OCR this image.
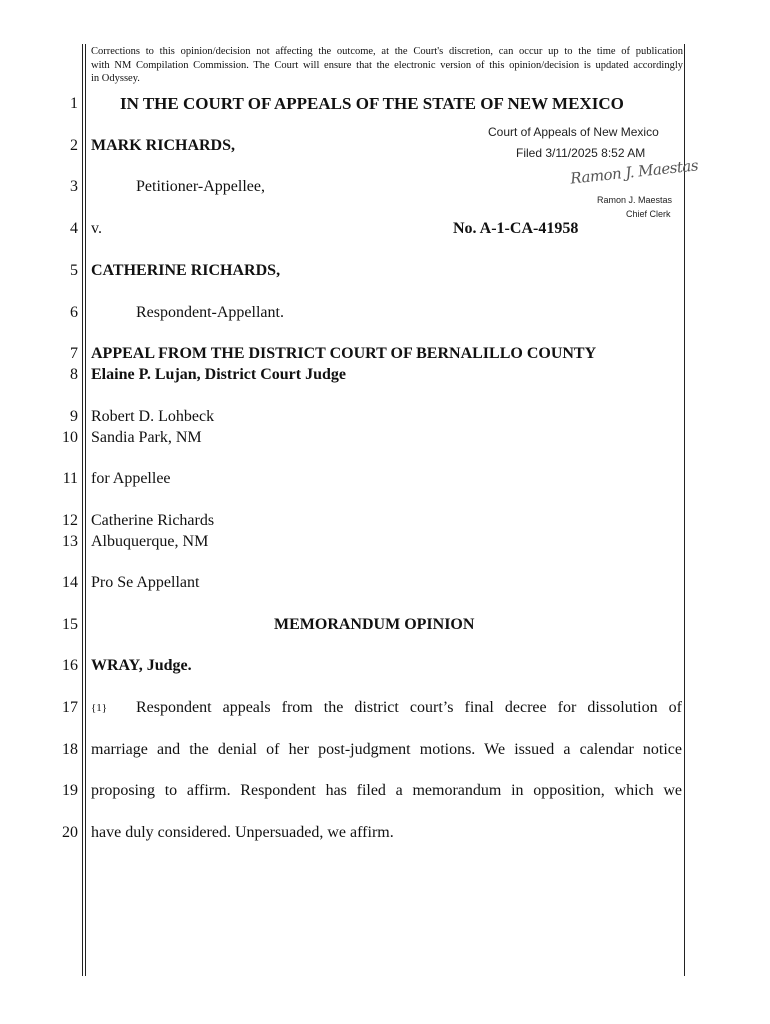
Corrections to this opinion/decision not affecting the outcome, at the Court's discretion, can occur up to the time of publication
with NM Compilation Commission. The Court will ensure that the electronic version of this opinion/decision is updated accordingly
in Odyssey.
1
2
3
4
5
6
7
8
9
10
11
12
13
14
15
16
17
18
19
20
IN THE COURT OF APPEALS OF THE STATE OF NEW MEXICO
Court of Appeals of New Mexico
Filed 3/11/2025 8:52 AM
Ramon J. Maestas
Ramon J. Maestas
Chief Clerk
MARK RICHARDS,
Petitioner-Appellee,
v.	No. A-1-CA-41958
CATHERINE RICHARDS,
Respondent-Appellant.
APPEAL FROM THE DISTRICT COURT OF BERNALILLO COUNTY
Elaine P. Lujan, District Court Judge
Robert D. Lohbeck
Sandia Park, NM
for Appellee
Catherine Richards
Albuquerque, NM
Pro Se Appellant
MEMORANDUM OPINION
WRAY, Judge.
{1} Respondent appeals from the district court’s final decree for dissolution of
marriage and the denial of her post-judgment motions. We issued a calendar notice
proposing to affirm. Respondent has filed a memorandum in opposition, which we
have duly considered. Unpersuaded, we affirm.
